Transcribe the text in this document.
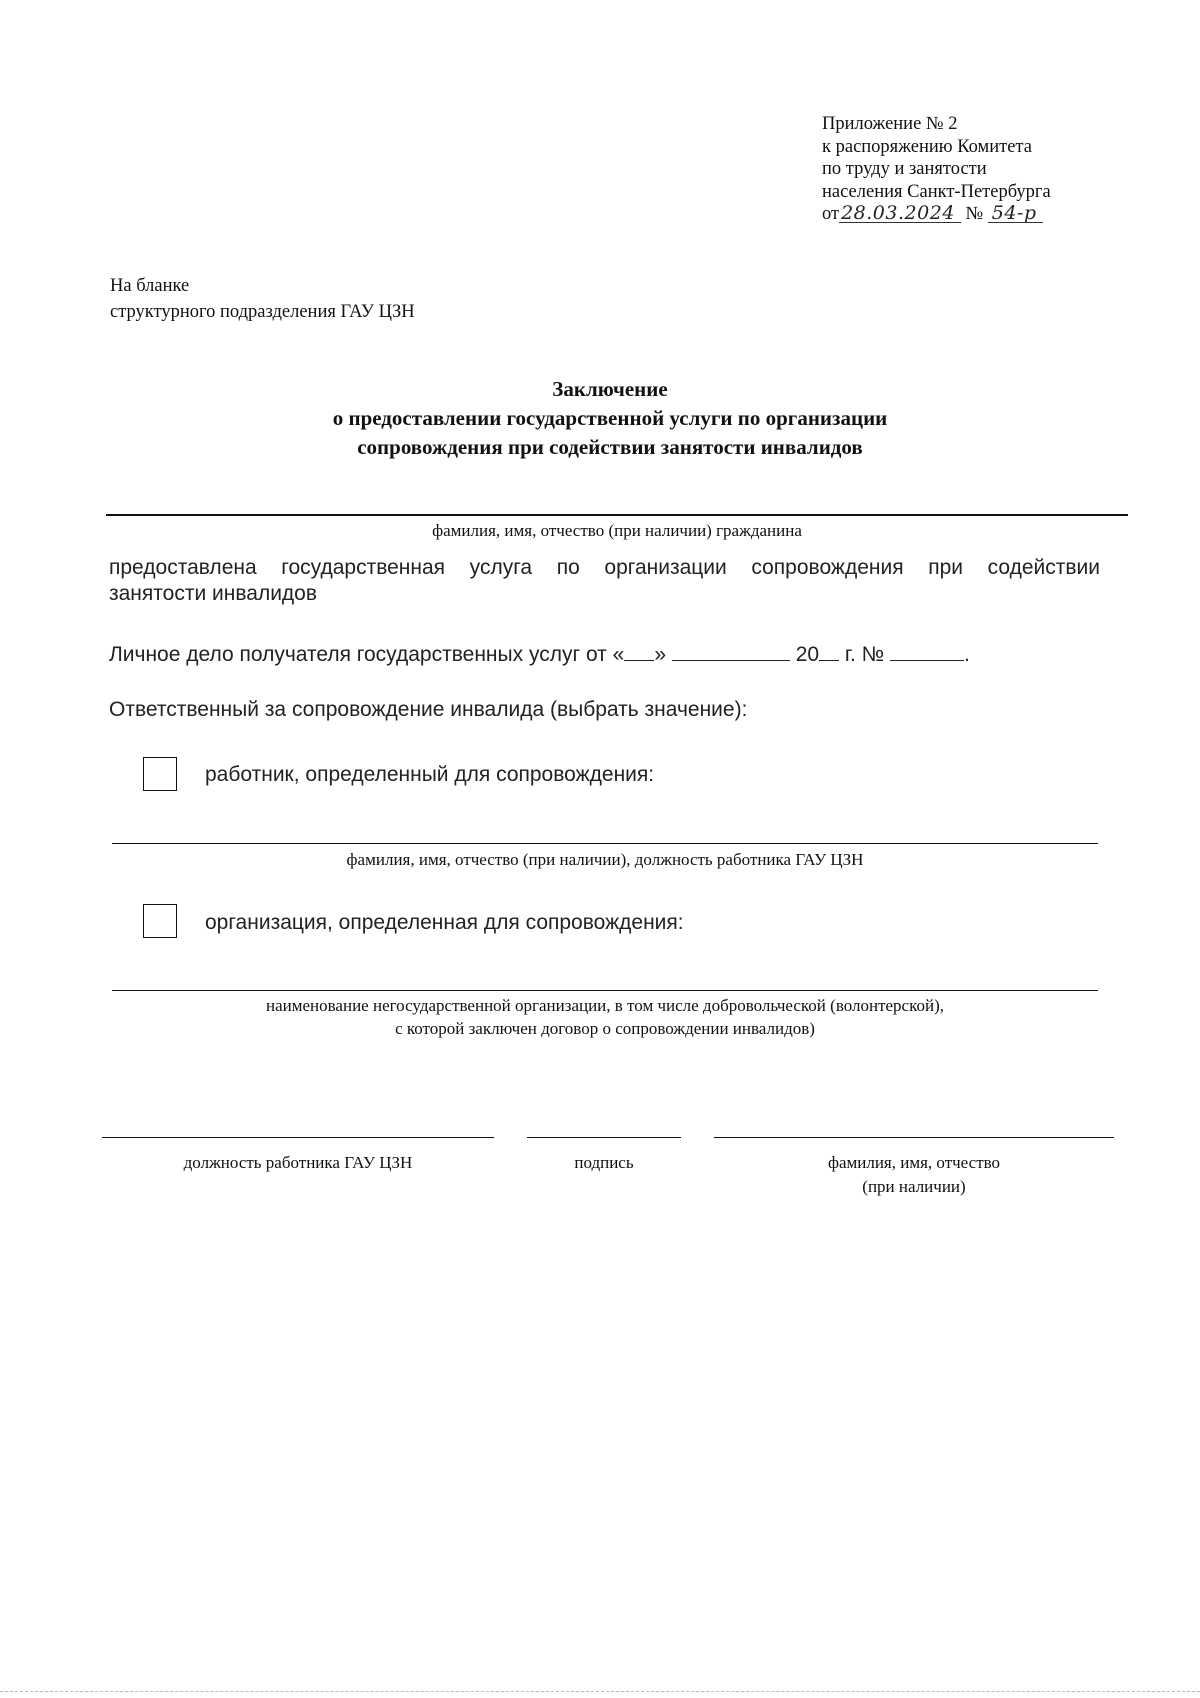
Приложение № 2
к распоряжению Комитета
по труду и занятости
населения Санкт-Петербурга
от 28.03.2024 № 54-р
На бланке
структурного подразделения ГАУ ЦЗН
Заключение
о предоставлении государственной услуги по организации
сопровождения при содействии занятости инвалидов
фамилия, имя, отчество (при наличии) гражданина
предоставлена государственная услуга по организации сопровождения при содействии
занятости инвалидов
Личное дело получателя государственных услуг от « »	20 г. №	.
Ответственный за сопровождение инвалида (выбрать значение):
работник, определенный для сопровождения:
фамилия, имя, отчество (при наличии), должность работника ГАУ ЦЗН
организация, определенная для сопровождения:
наименование негосударственной организации, в том числе добровольческой (волонтерской),
с которой заключен договор о сопровождении инвалидов)
должность работника ГАУ ЦЗН	подпись	фамилия, имя, отчество
(при наличии)
